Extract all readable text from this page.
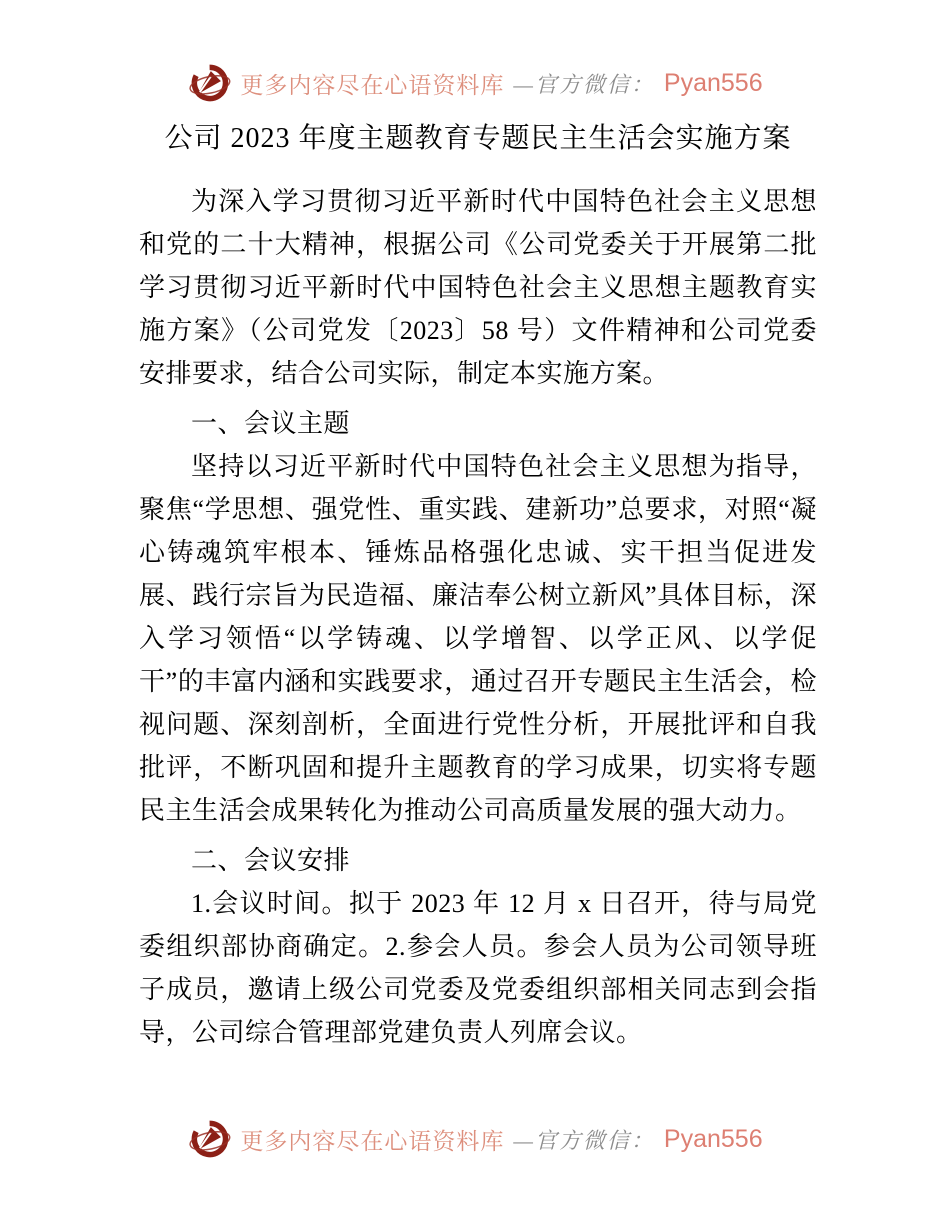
更多内容尽在心语资料库 —官方微信： Pyan556
公司 2023 年度主题教育专题民主生活会实施方案

为深入学习贯彻习近平新时代中国特色社会主义思想和党的二十大精神，根据公司《公司党委关于开展第二批学习贯彻习近平新时代中国特色社会主义思想主题教育实施方案》（公司党发〔2023〕58 号）文件精神和公司党委安排要求，结合公司实际，制定本实施方案。

一、会议主题

坚持以习近平新时代中国特色社会主义思想为指导，聚焦“学思想、强党性、重实践、建新功”总要求，对照“凝心铸魂筑牢根本、锤炼品格强化忠诚、实干担当促进发展、践行宗旨为民造福、廉洁奉公树立新风”具体目标，深入学习领悟“以学铸魂、以学增智、以学正风、以学促干”的丰富内涵和实践要求，通过召开专题民主生活会，检视问题、深刻剖析，全面进行党性分析，开展批评和自我批评，不断巩固和提升主题教育的学习成果，切实将专题民主生活会成果转化为推动公司高质量发展的强大动力。

二、会议安排

1.会议时间。拟于 2023 年 12 月 x 日召开，待与局党委组织部协商确定。2.参会人员。参会人员为公司领导班子成员，邀请上级公司党委及党委组织部相关同志到会指导，公司综合管理部党建负责人列席会议。

更多内容尽在心语资料库 —官方微信： Pyan556
